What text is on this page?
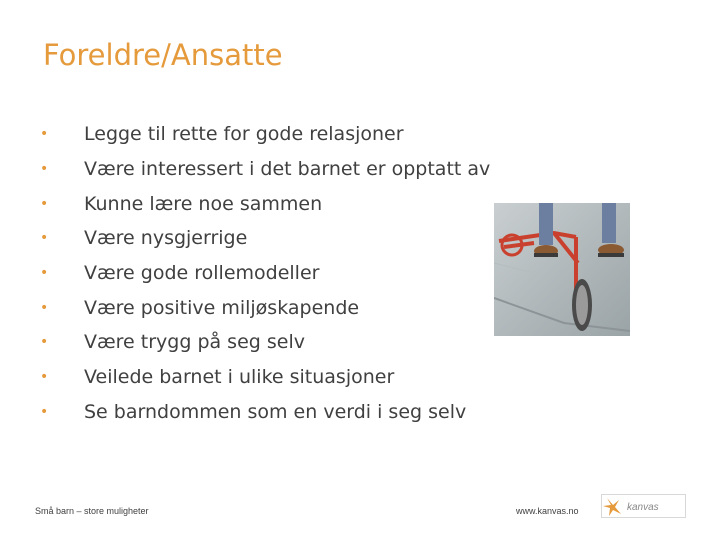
Foreldre/Ansatte
•	Legge til rette for gode relasjoner
•	Være interessert i det barnet er opptatt av
•	Kunne lære noe sammen
•	Være nysgjerrige
•	Være gode rollemodeller
•	Være positive miljøskapende
•	Være trygg på seg selv
•	Veilede barnet i ulike situasjoner
•	Se barndommen som en verdi i seg selv
Små barn – store muligheter	www.kanvas.no	kanvas
